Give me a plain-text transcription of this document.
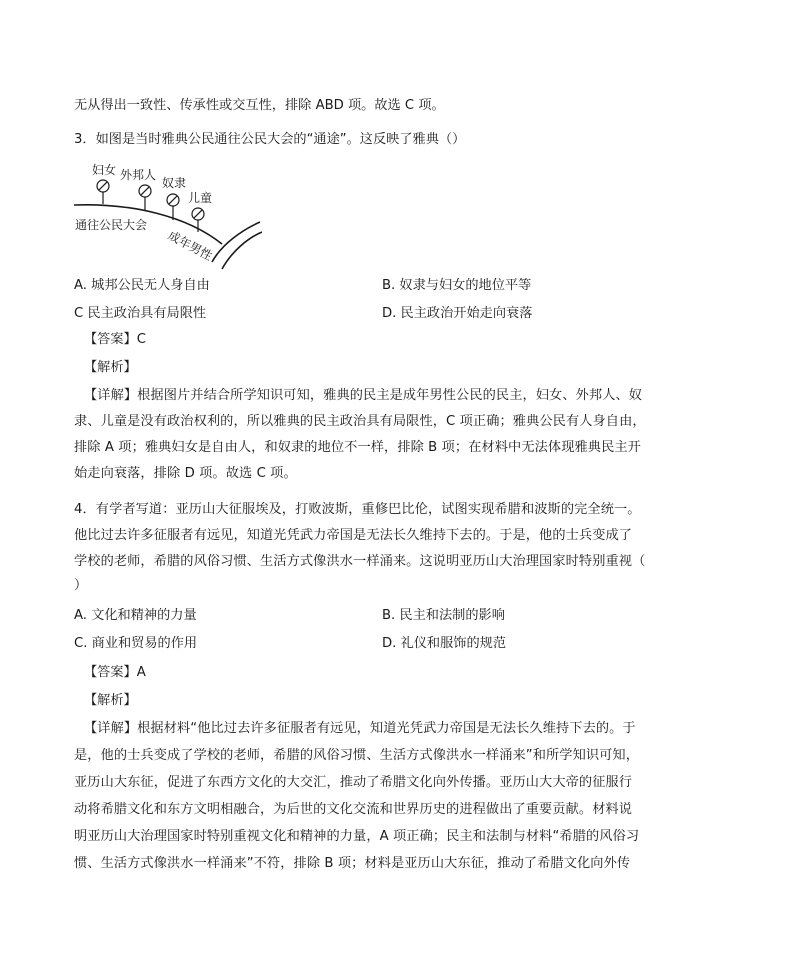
无从得出一致性、传承性或交互性，排除 ABD 项。故选 C 项。
3．如图是当时雅典公民通往公民大会的“通途”。这反映了雅典（）
妇女 外邦人
奴隶
儿童
通往公民大会
成年男性
A. 城邦公民无人身自由	B. 奴隶与妇女的地位平等
C 民主政治具有局限性	D. 民主政治开始走向衰落
【答案】C
【解析】
【详解】根据图片并结合所学知识可知，雅典的民主是成年男性公民的民主，妇女、外邦人、奴
隶、儿童是没有政治权利的，所以雅典的民主政治具有局限性，C 项正确；雅典公民有人身自由，
排除 A 项；雅典妇女是自由人，和奴隶的地位不一样，排除 B 项；在材料中无法体现雅典民主开
始走向衰落，排除 D 项。故选 C 项。
4．有学者写道：亚历山大征服埃及，打败波斯，重修巴比伦，试图实现希腊和波斯的完全统一。
他比过去许多征服者有远见，知道光凭武力帝国是无法长久维持下去的。于是，他的士兵变成了
学校的老师，希腊的风俗习惯、生活方式像洪水一样涌来。这说明亚历山大治理国家时特别重视（
）
A. 文化和精神的力量	B. 民主和法制的影响
C. 商业和贸易的作用	D. 礼仪和服饰的规范
【答案】A
【解析】
【详解】根据材料“他比过去许多征服者有远见，知道光凭武力帝国是无法长久维持下去的。于
是，他的士兵变成了学校的老师，希腊的风俗习惯、生活方式像洪水一样涌来”和所学知识可知，
亚历山大东征，促进了东西方文化的大交汇，推动了希腊文化向外传播。亚历山大大帝的征服行
动将希腊文化和东方文明相融合，为后世的文化交流和世界历史的进程做出了重要贡献。材料说
明亚历山大治理国家时特别重视文化和精神的力量，A 项正确；民主和法制与材料“希腊的风俗习
惯、生活方式像洪水一样涌来”不符，排除 B 项；材料是亚历山大东征，推动了希腊文化向外传
